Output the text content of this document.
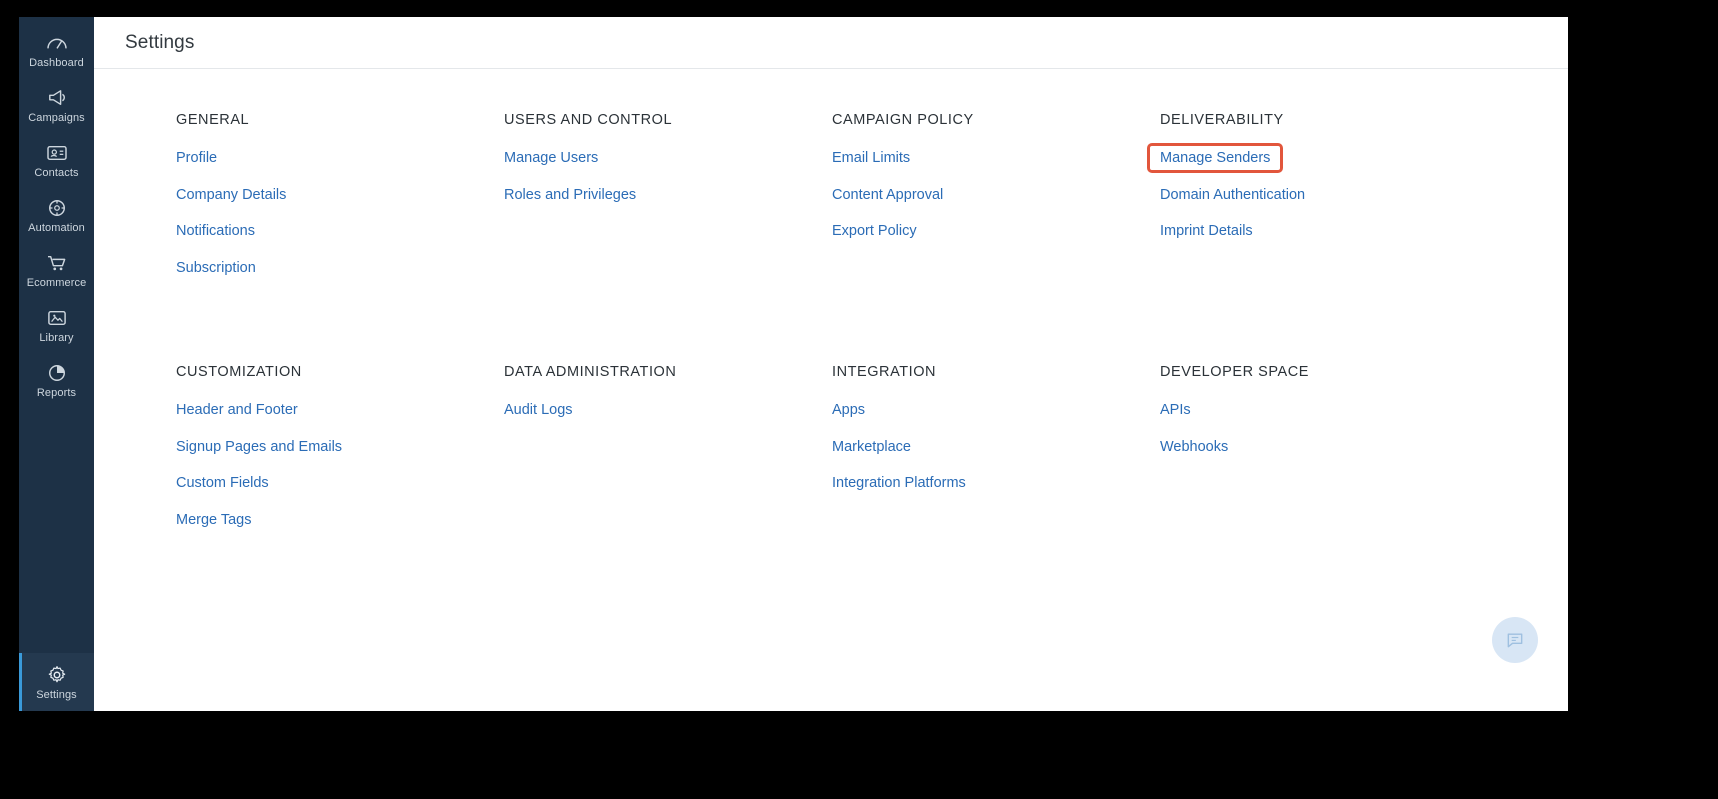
Dashboard
Campaigns
Contacts
Automation
Ecommerce
Library
Reports
Settings
Settings
GENERAL
Profile
Company Details
Notifications
Subscription
USERS AND CONTROL
Manage Users
Roles and Privileges
CAMPAIGN POLICY
Email Limits
Content Approval
Export Policy
DELIVERABILITY
Manage Senders
Domain Authentication
Imprint Details
CUSTOMIZATION
Header and Footer
Signup Pages and Emails
Custom Fields
Merge Tags
DATA ADMINISTRATION
Audit Logs
INTEGRATION
Apps
Marketplace
Integration Platforms
DEVELOPER SPACE
APIs
Webhooks
